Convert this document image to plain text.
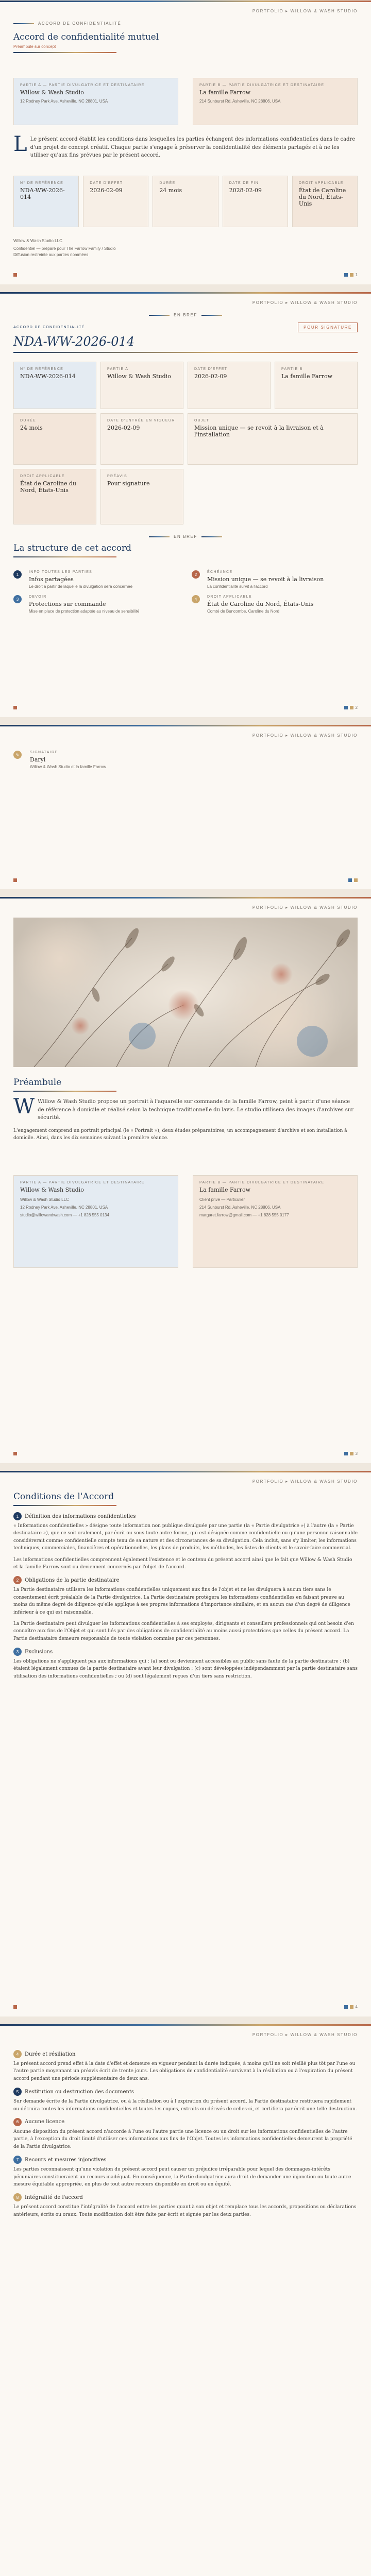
PORTFOLIO ▸ WILLOW & WASH STUDIO
ACCORD DE CONFIDENTIALITÉ
Accord de confidentialité mutuel
Préambule sur concept
PARTIE A — PARTIE DIVULGATRICE ET DESTINATAIRE
Willow & Wash Studio
12 Rodney Park Ave, Asheville, NC 28801, USA
PARTIE B — PARTIE DIVULGATRICE ET DESTINATAIRE
La famille Farrow
214 Sunburst Rd, Asheville, NC 28806, USA
L Le présent accord établit les conditions dans lesquelles les parties échangent des informations confidentielles dans le cadre d'un projet de concept créatif. Chaque partie s'engage à préserver la confidentialité des éléments partagés et à ne les utiliser qu'aux fins prévues par le présent accord.
N° DE RÉFÉRENCE
NDA-WW-2026-014
DATE D'EFFET
2026-02-09
DURÉE
24 mois
DATE DE FIN
2028-02-09
DROIT APPLICABLE
État de Caroline du Nord, États-Unis
Willow & Wash Studio LLC
Confidentiel — préparé pour The Farrow Family / Studio
Diffusion restreinte aux parties nommées
1
PORTFOLIO ▸ WILLOW & WASH STUDIO
EN BREF
ACCORD DE CONFIDENTIALITÉ	POUR SIGNATURE
NDA-WW-2026-014
N° DE RÉFÉRENCE
NDA-WW-2026-014
PARTIE A
Willow & Wash Studio
DATE D'EFFET
2026-02-09
PARTIE B
La famille Farrow
DURÉE
24 mois
DATE D'ENTRÉE EN VIGUEUR
2026-02-09
OBJET
Mission unique — se revoit à la livraison et à l'installation
DROIT APPLICABLE
État de Caroline du Nord, États-Unis
PRÉAVIS
Pour signature
EN BREF
La structure de cet accord
1	INFO TOUTES LES PARTIES
Infos partagées
Le droit à partir de laquelle la divulgation sera concernée
2	ÉCHÉANCE
Mission unique — se revoit à la livraison
La confidentialité survit à l'accord
3	DEVOIR
Protections sur commande
Mise en place de protection adaptée au niveau de sensibilité
4	DROIT APPLICABLE
État de Caroline du Nord, États-Unis
Comté de Buncombe, Caroline du Nord
2
PORTFOLIO ▸ WILLOW & WASH STUDIO
✎	SIGNATAIRE
Daryl
Willow & Wash Studio et la famille Farrow
PORTFOLIO ▸ WILLOW & WASH STUDIO
Préambule
W Willow & Wash Studio propose un portrait à l'aquarelle sur commande de la famille Farrow, peint à partir d'une séance de référence à domicile et réalisé selon la technique traditionnelle du lavis. Le studio utilisera des images d'archives sur sécurité.
L'engagement comprend un portrait principal (le « Portrait »), deux études préparatoires, un accompagnement d'archive et son installation à domicile. Ainsi, dans les dix semaines suivant la première séance.
PARTIE A — PARTIE DIVULGATRICE ET DESTINATAIRE
Willow & Wash Studio
Willow & Wash Studio LLC
12 Rodney Park Ave, Asheville, NC 28801, USA
studio@willowandwash.com — +1 828 555 0134
PARTIE B — PARTIE DIVULGATRICE ET DESTINATAIRE
La famille Farrow
Client privé — Particulier
214 Sunburst Rd, Asheville, NC 28806, USA
margaret.farrow@gmail.com — +1 828 555 0177
3
PORTFOLIO ▸ WILLOW & WASH STUDIO
Conditions de l'Accord
1	Définition des informations confidentielles
« Informations confidentielles » désigne toute information non publique divulguée par une partie (la « Partie divulgatrice ») à l'autre (la « Partie destinataire »), que ce soit oralement, par écrit ou sous toute autre forme, qui est désignée comme confidentielle ou qu'une personne raisonnable considérerait comme confidentielle compte tenu de sa nature et des circonstances de sa divulgation. Cela inclut, sans s'y limiter, les informations techniques, commerciales, financières et opérationnelles, les plans de produits, les méthodes, les listes de clients et le savoir-faire commercial.
Les informations confidentielles comprennent également l'existence et le contenu du présent accord ainsi que le fait que Willow & Wash Studio et la famille Farrow sont ou deviennent concernés par l'objet de l'accord.
2	Obligations de la partie destinataire
La Partie destinataire utilisera les informations confidentielles uniquement aux fins de l'objet et ne les divulguera à aucun tiers sans le consentement écrit préalable de la Partie divulgatrice. La Partie destinataire protègera les informations confidentielles en faisant preuve au moins du même degré de diligence qu'elle applique à ses propres informations d'importance similaire, et en aucun cas d'un degré de diligence inférieur à ce qui est raisonnable.
La Partie destinataire peut divulguer les informations confidentielles à ses employés, dirigeants et conseillers professionnels qui ont besoin d'en connaître aux fins de l'Objet et qui sont liés par des obligations de confidentialité au moins aussi protectrices que celles du présent accord. La Partie destinataire demeure responsable de toute violation commise par ces personnes.
3	Exclusions
Les obligations ne s'appliquent pas aux informations qui : (a) sont ou deviennent accessibles au public sans faute de la partie destinataire ; (b) étaient légalement connues de la partie destinataire avant leur divulgation ; (c) sont développées indépendamment par la partie destinataire sans utilisation des informations confidentielles ; ou (d) sont légalement reçues d'un tiers sans restriction.
4
PORTFOLIO ▸ WILLOW & WASH STUDIO
4	Durée et résiliation
Le présent accord prend effet à la date d'effet et demeure en vigueur pendant la durée indiquée, à moins qu'il ne soit résilié plus tôt par l'une ou l'autre partie moyennant un préavis écrit de trente jours. Les obligations de confidentialité survivent à la résiliation ou à l'expiration du présent accord pendant une période supplémentaire de deux ans.
5	Restitution ou destruction des documents
Sur demande écrite de la Partie divulgatrice, ou à la résiliation ou à l'expiration du présent accord, la Partie destinataire restituera rapidement ou détruira toutes les informations confidentielles et toutes les copies, extraits ou dérivés de celles-ci, et certifiera par écrit une telle destruction.
6	Aucune licence
Aucune disposition du présent accord n'accorde à l'une ou l'autre partie une licence ou un droit sur les informations confidentielles de l'autre partie, à l'exception du droit limité d'utiliser ces informations aux fins de l'Objet. Toutes les informations confidentielles demeurent la propriété de la Partie divulgatrice.
7	Recours et mesures injonctives
Les parties reconnaissent qu'une violation du présent accord peut causer un préjudice irréparable pour lequel des dommages-intérêts pécuniaires constitueraient un recours inadéquat. En conséquence, la Partie divulgatrice aura droit de demander une injonction ou toute autre mesure équitable appropriée, en plus de tout autre recours disponible en droit ou en équité.
8	Intégralité de l'accord
Le présent accord constitue l'intégralité de l'accord entre les parties quant à son objet et remplace tous les accords, propositions ou déclarations antérieurs, écrits ou oraux. Toute modification doit être faite par écrit et signée par les deux parties.
